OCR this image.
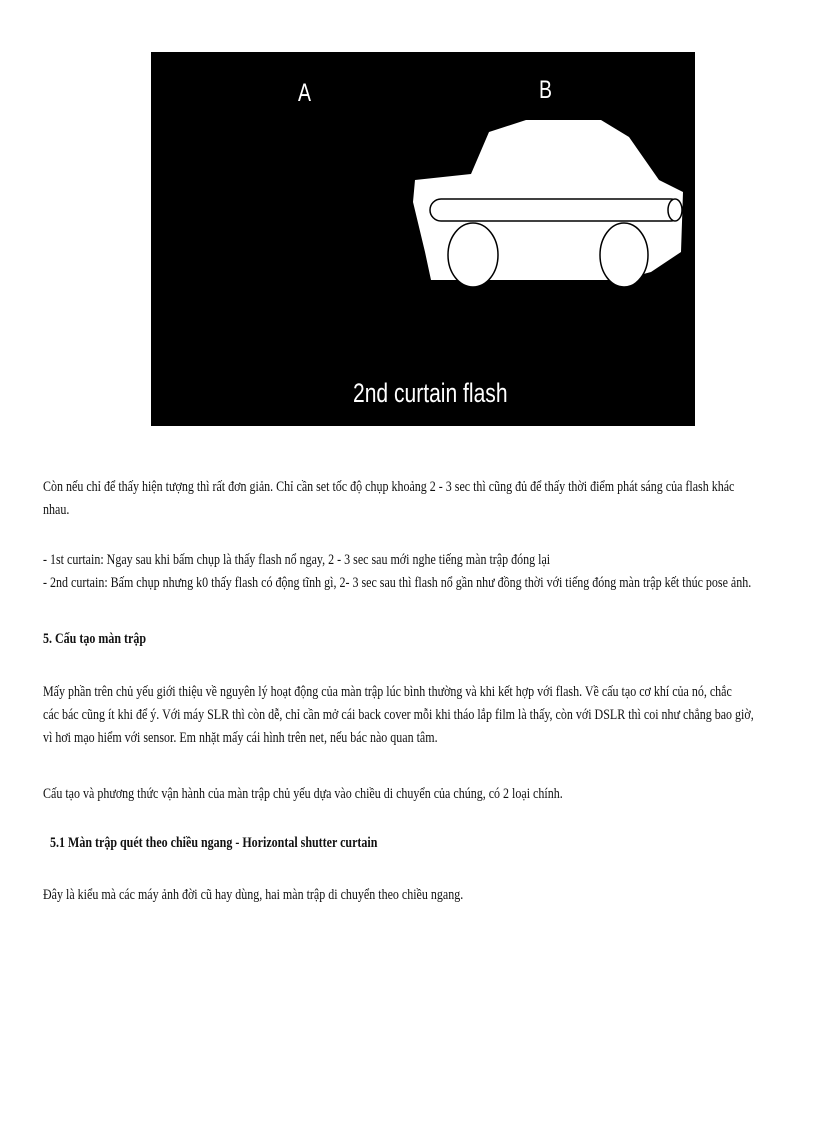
A	B
2nd curtain flash
Còn nếu chỉ để thấy hiện tượng thì rất đơn giản. Chỉ cần set tốc độ chụp khoảng 2 - 3 sec thì cũng đủ để thấy thời điểm phát sáng của flash khác
nhau.
- 1st curtain: Ngay sau khi bấm chụp là thấy flash nổ ngay, 2 - 3 sec sau mới nghe tiếng màn trập đóng lại
- 2nd curtain: Bấm chụp nhưng k0 thấy flash có động tĩnh gì, 2- 3 sec sau thì flash nổ gần như đồng thời với tiếng đóng màn trập kết thúc pose ảnh.
5. Cấu tạo màn trập
Mấy phần trên chủ yếu giới thiệu về nguyên lý hoạt động của màn trập lúc bình thường và khi kết hợp với flash. Về cấu tạo cơ khí của nó, chắc
các bác cũng ít khi để ý. Với máy SLR thì còn dễ, chỉ cần mở cái back cover mỗi khi tháo lắp film là thấy, còn với DSLR thì coi như chẳng bao giờ,
vì hơi mạo hiểm với sensor. Em nhặt mấy cái hình trên net, nếu bác nào quan tâm.
Cấu tạo và phương thức vận hành của màn trập chủ yếu dựa vào chiều di chuyển của chúng, có 2 loại chính.
5.1 Màn trập quét theo chiều ngang - Horizontal shutter curtain
Đây là kiểu mà các máy ảnh đời cũ hay dùng, hai màn trập di chuyển theo chiều ngang.
